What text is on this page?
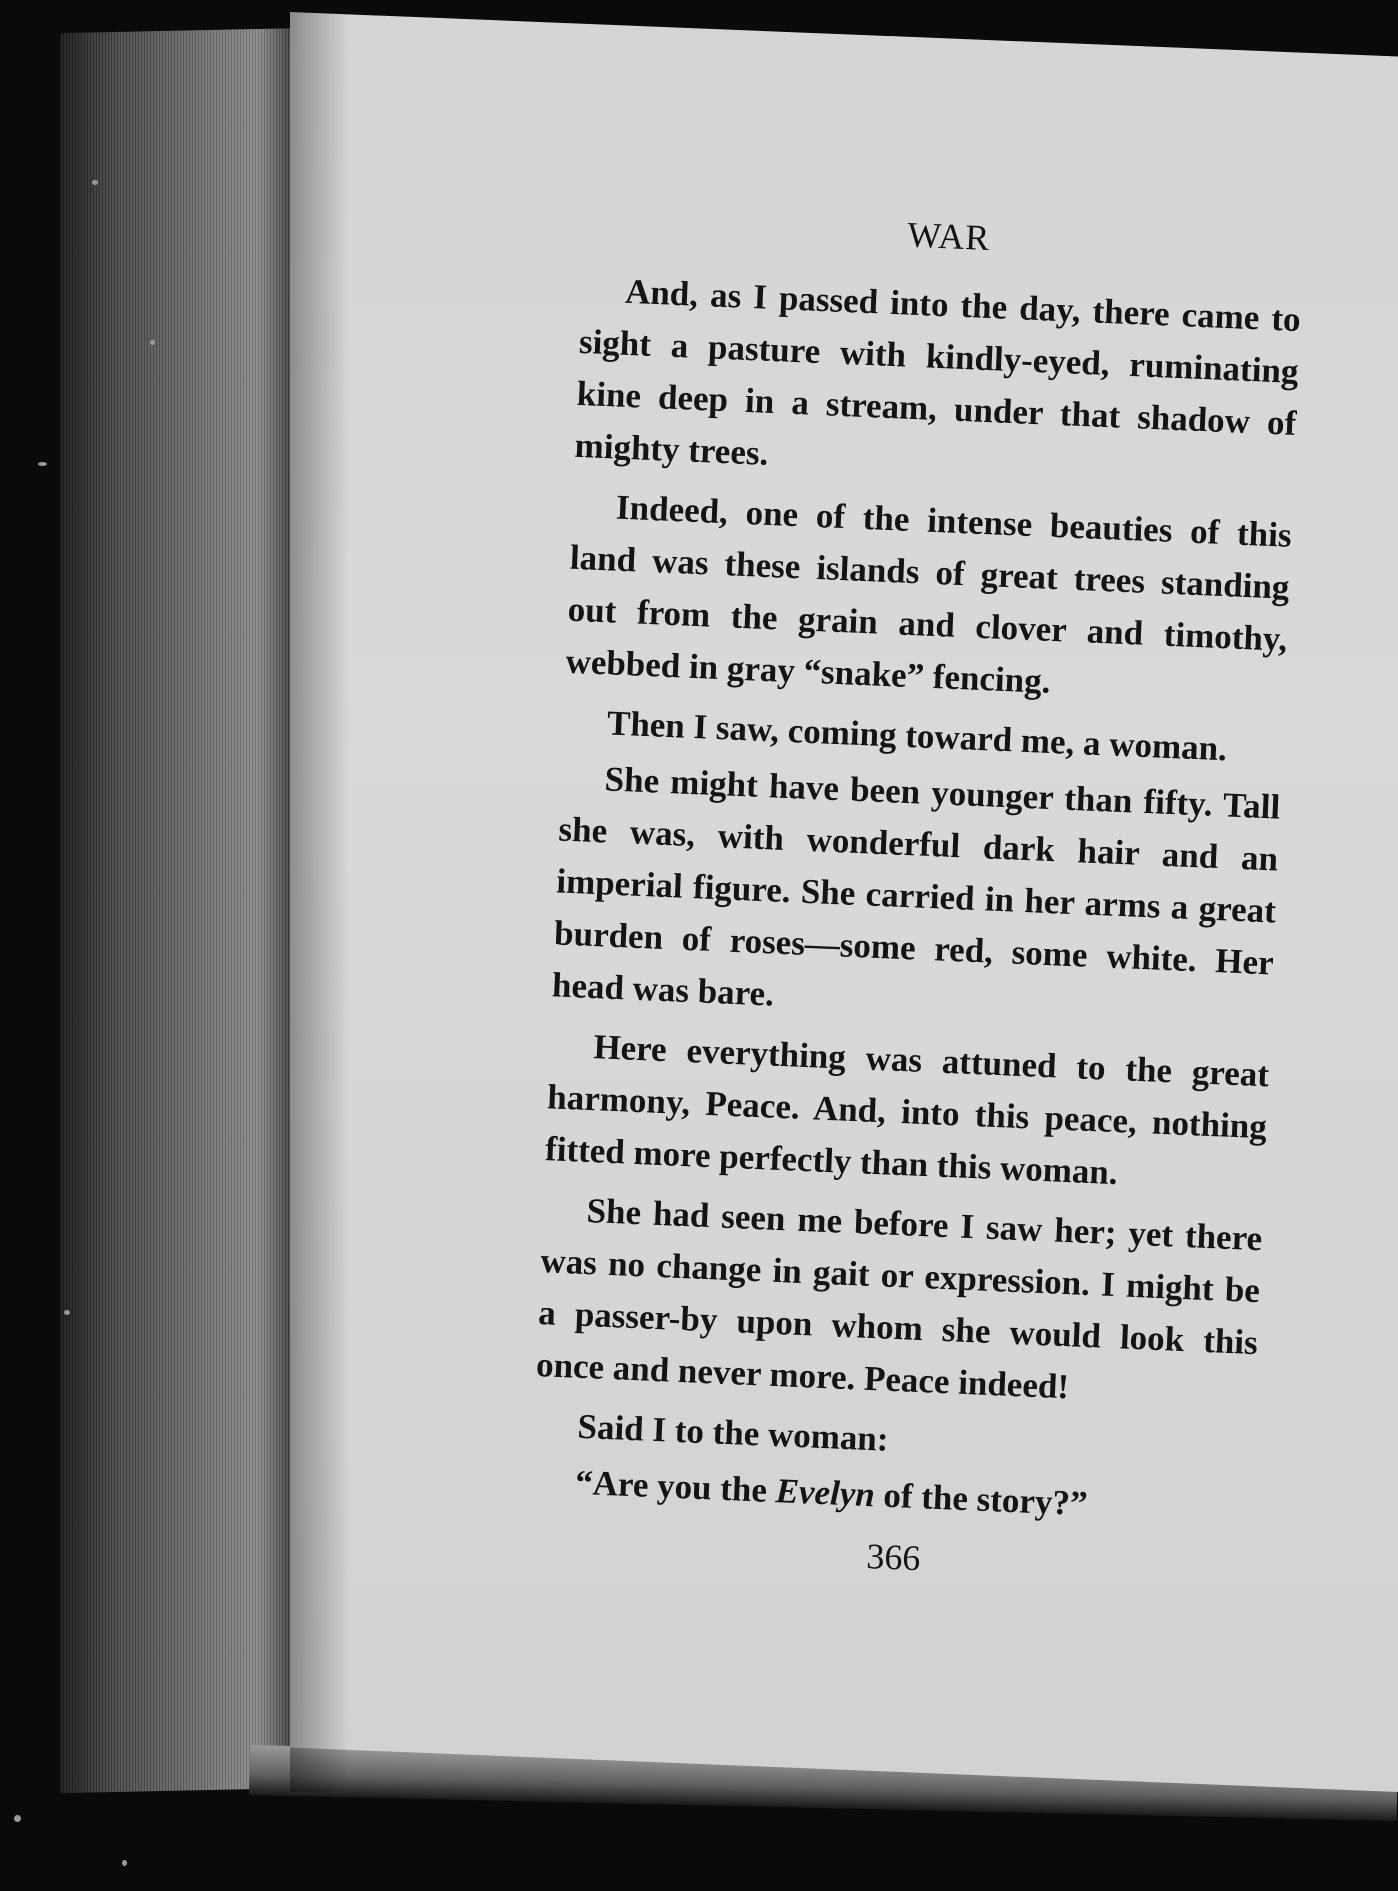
WAR

And, as I passed into the day, there came to sight a pasture with kindly-eyed, ruminating kine deep in a stream, under that shadow of mighty trees.

Indeed, one of the intense beauties of this land was these islands of great trees standing out from the grain and clover and timothy, webbed in gray “snake” fencing.

Then I saw, coming toward me, a woman.

She might have been younger than fifty. Tall she was, with wonderful dark hair and an imperial figure. She carried in her arms a great burden of roses—some red, some white. Her head was bare.

Here everything was attuned to the great harmony, Peace. And, into this peace, nothing fitted more perfectly than this woman.

She had seen me before I saw her; yet there was no change in gait or expression. I might be a passer-by upon whom she would look this once and never more. Peace indeed!

Said I to the woman:

“Are you the Evelyn of the story?”

366
